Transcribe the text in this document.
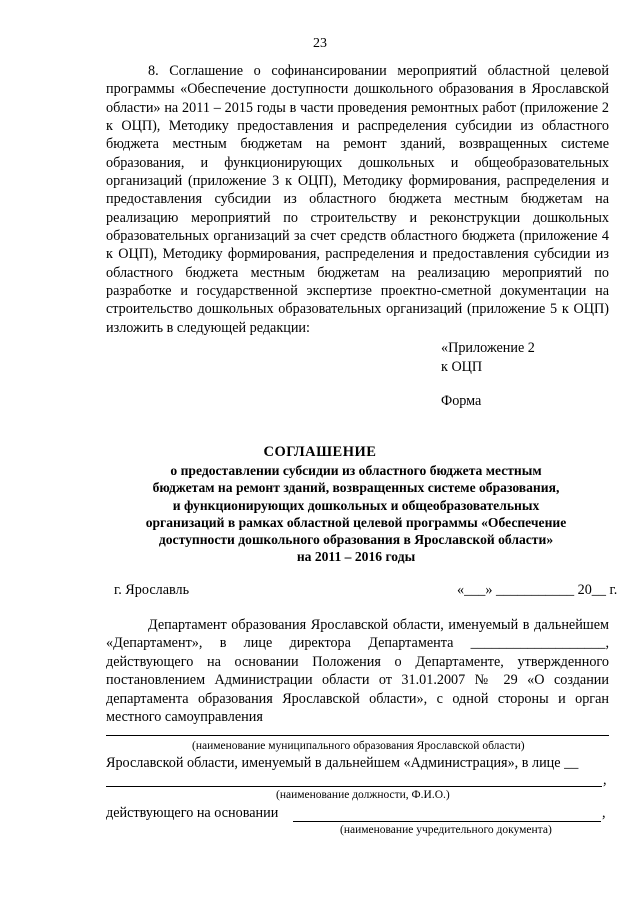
23

8. Соглашение о софинансировании мероприятий областной целевой программы «Обеспечение доступности дошкольного образования в Ярославской области» на 2011 – 2015 годы в части проведения ремонтных работ (приложение 2 к ОЦП), Методику предоставления и распределения субсидии из областного бюджета местным бюджетам на ремонт зданий, возвращенных системе образования, и функционирующих дошкольных и общеобразовательных организаций (приложение 3 к ОЦП), Методику формирования, распределения и предоставления субсидии из областного бюджета местным бюджетам на реализацию мероприятий по строительству и реконструкции дошкольных образовательных организаций за счет средств областного бюджета (приложение 4 к ОЦП), Методику формирования, распределения и предоставления субсидии из областного бюджета местным бюджетам на реализацию мероприятий по разработке и государственной экспертизе проектно-сметной документации на строительство дошкольных образовательных организаций (приложение 5 к ОЦП) изложить в следующей редакции:

«Приложение 2
к ОЦП
Форма
СОГЛАШЕНИЕ
о предоставлении субсидии из областного бюджета местным
бюджетам на ремонт зданий, возвращенных системе образования,
и функционирующих дошкольных и общеобразовательных
организаций в рамках областной целевой программы «Обеспечение
доступности дошкольного образования в Ярославской области»
на 2011 – 2016 годы
г. Ярославль	«___» ___________ 20__ г.

Департамент образования Ярославской области, именуемый в дальнейшем «Департамент», в лице директора Департамента ___________________, действующего на основании Положения о Департаменте, утвержденного постановлением Администрации области от 31.01.2007 № 29 «О создании департамента образования Ярославской области», с одной стороны и орган местного самоуправления

(наименование муниципального образования Ярославской области)
Ярославской области, именуемый в дальнейшем «Администрация», в лице __
,
(наименование должности, Ф.И.О.)
действующего на основании	,
(наименование учредительного документа)
